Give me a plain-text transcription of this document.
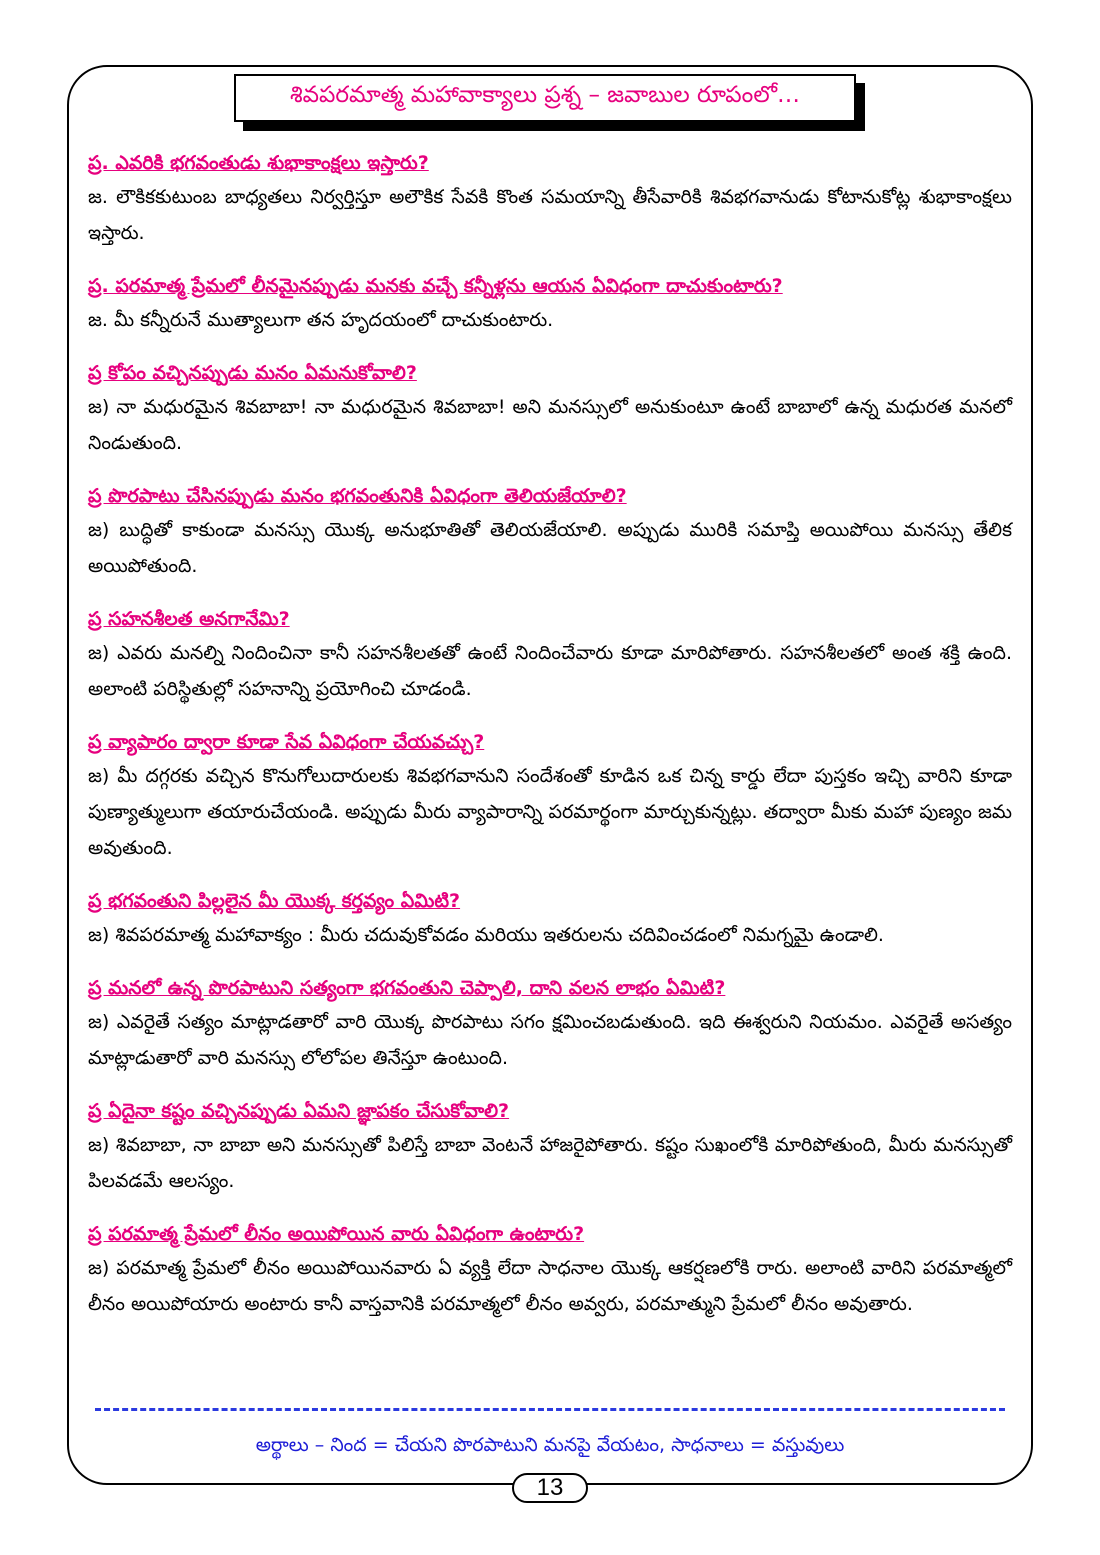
శివపరమాత్మ మహావాక్యాలు ప్రశ్న – జవాబుల రూపంలో…
ప్ర. ఎవరికి భగవంతుడు శుభాకాంక్షలు ఇస్తారు?
జ. లౌకికకుటుంబ బాధ్యతలు నిర్వర్తిస్తూ అలౌకిక సేవకి కొంత సమయాన్ని తీసేవారికి శివభగవానుడు కోటానుకోట్ల శుభాకాంక్షలు ఇస్తారు.
ప్ర. పరమాత్మ ప్రేమలో లీనమైనప్పుడు మనకు వచ్చే కన్నీళ్లను ఆయన ఏవిధంగా దాచుకుంటారు?
జ. మీ కన్నీరునే ముత్యాలుగా తన హృదయంలో దాచుకుంటారు.
ప్ర కోపం వచ్చినప్పుడు మనం ఏమనుకోవాలి?
జ) నా మధురమైన శివబాబా! నా మధురమైన శివబాబా! అని మనస్సులో అనుకుంటూ ఉంటే బాబాలో ఉన్న మధురత మనలో నిండుతుంది.
ప్ర పొరపాటు చేసినప్పుడు మనం భగవంతునికి ఏవిధంగా తెలియజేయాలి?
జ) బుద్ధితో కాకుండా మనస్సు యొక్క అనుభూతితో తెలియజేయాలి. అప్పుడు మురికి సమాప్తి అయిపోయి మనస్సు తేలిక అయిపోతుంది.
ప్ర సహనశీలత అనగానేమి?
జ) ఎవరు మనల్ని నిందించినా కానీ సహనశీలతతో ఉంటే నిందించేవారు కూడా మారిపోతారు. సహనశీలతలో అంత శక్తి ఉంది. అలాంటి పరిస్థితుల్లో సహనాన్ని ప్రయోగించి చూడండి.
ప్ర వ్యాపారం ద్వారా కూడా సేవ ఏవిధంగా చేయవచ్చు?
జ) మీ దగ్గరకు వచ్చిన కొనుగోలుదారులకు శివభగవానుని సందేశంతో కూడిన ఒక చిన్న కార్డు లేదా పుస్తకం ఇచ్చి వారిని కూడా పుణ్యాత్ములుగా తయారుచేయండి. అప్పుడు మీరు వ్యాపారాన్ని పరమార్థంగా మార్చుకున్నట్లు. తద్వారా మీకు మహా పుణ్యం జమ అవుతుంది.
ప్ర భగవంతుని పిల్లలైన మీ యొక్క కర్తవ్యం ఏమిటి?
జ) శివపరమాత్మ మహావాక్యం : మీరు చదువుకోవడం మరియు ఇతరులను చదివించడంలో నిమగ్నమై ఉండాలి.
ప్ర మనలో ఉన్న పొరపాటుని సత్యంగా భగవంతుని చెప్పాలి, దాని వలన లాభం ఏమిటి?
జ) ఎవరైతే సత్యం మాట్లాడతారో వారి యొక్క పొరపాటు సగం క్షమించబడుతుంది. ఇది ఈశ్వరుని నియమం. ఎవరైతే అసత్యం మాట్లాడుతారో వారి మనస్సు లోలోపల తినేస్తూ ఉంటుంది.
ప్ర ఏదైనా కష్టం వచ్చినప్పుడు ఏమని జ్ఞాపకం చేసుకోవాలి?
జ) శివబాబా, నా బాబా అని మనస్సుతో పిలిస్తే బాబా వెంటనే హాజరైపోతారు. కష్టం సుఖంలోకి మారిపోతుంది, మీరు మనస్సుతో పిలవడమే ఆలస్యం.
ప్ర పరమాత్మ ప్రేమలో లీనం అయిపోయిన వారు ఏవిధంగా ఉంటారు?
జ) పరమాత్మ ప్రేమలో లీనం అయిపోయినవారు ఏ వ్యక్తి లేదా సాధనాల యొక్క ఆకర్షణలోకి రారు. అలాంటి వారిని పరమాత్మలో లీనం అయిపోయారు అంటారు కానీ వాస్తవానికి పరమాత్మలో లీనం అవ్వరు, పరమాత్ముని ప్రేమలో లీనం అవుతారు.
అర్థాలు – నింద = చేయని పొరపాటుని మనపై వేయటం, సాధనాలు = వస్తువులు
13
